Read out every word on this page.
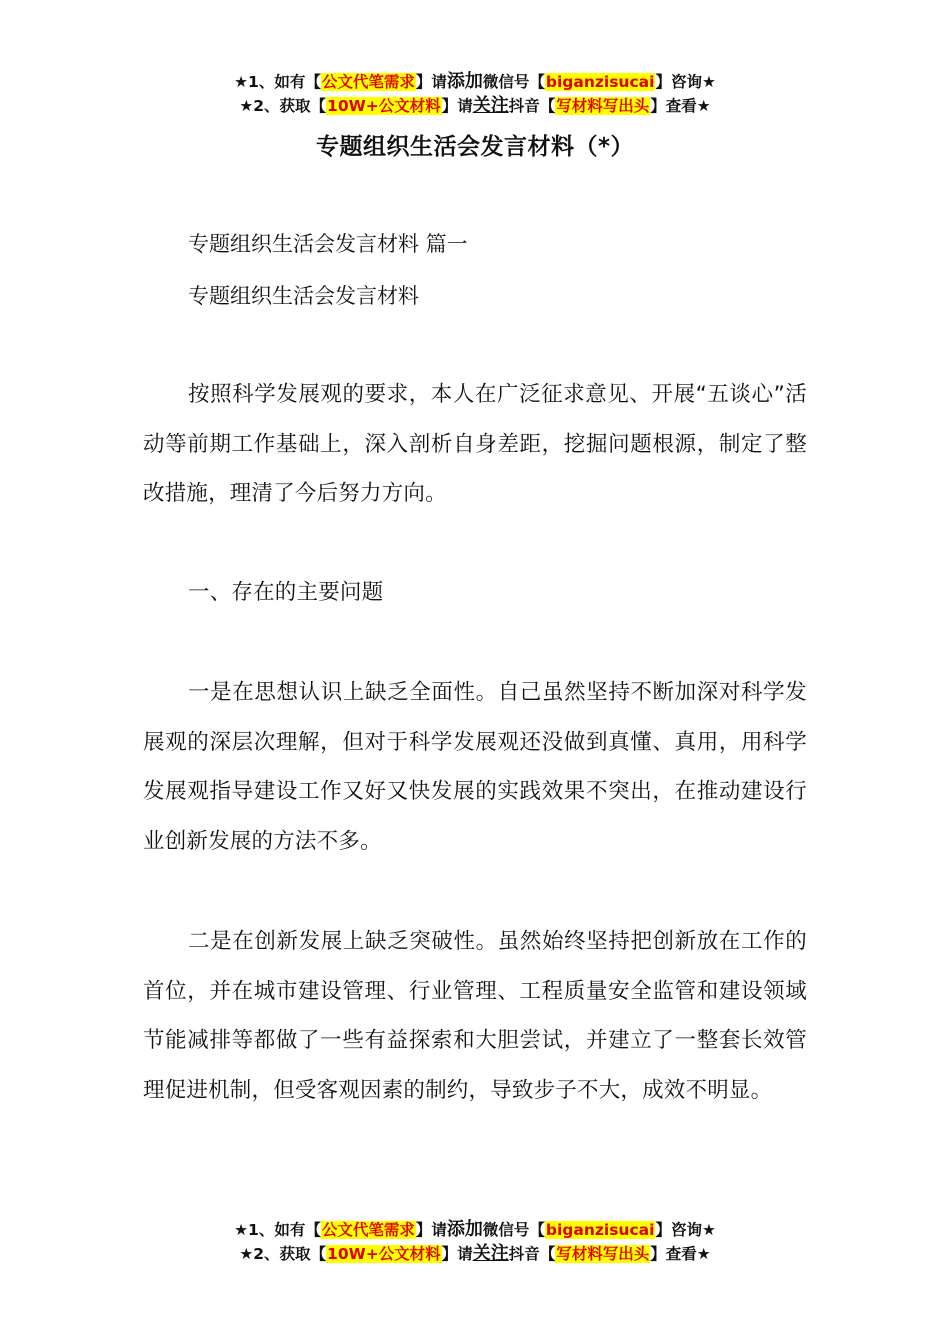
★1、如有【公文代笔需求】请添加微信号【biganzisucai】咨询★
★2、获取【10W+公文材料】请关注抖音【写材料写出头】查看★
专题组织生活会发言材料（*）
专题组织生活会发言材料 篇一
专题组织生活会发言材料

按照科学发展观的要求，本人在广泛征求意见、开展“五谈心”活动等前期工作基础上，深入剖析自身差距，挖掘问题根源，制定了整改措施，理清了今后努力方向。

一、存在的主要问题

一是在思想认识上缺乏全面性。自己虽然坚持不断加深对科学发展观的深层次理解，但对于科学发展观还没做到真懂、真用，用科学发展观指导建设工作又好又快发展的实践效果不突出，在推动建设行业创新发展的方法不多。

二是在创新发展上缺乏突破性。虽然始终坚持把创新放在工作的首位，并在城市建设管理、行业管理、工程质量安全监管和建设领域节能减排等都做了一些有益探索和大胆尝试，并建立了一整套长效管理促进机制，但受客观因素的制约，导致步子不大，成效不明显。

★1、如有【公文代笔需求】请添加微信号【biganzisucai】咨询★
★2、获取【10W+公文材料】请关注抖音【写材料写出头】查看★
